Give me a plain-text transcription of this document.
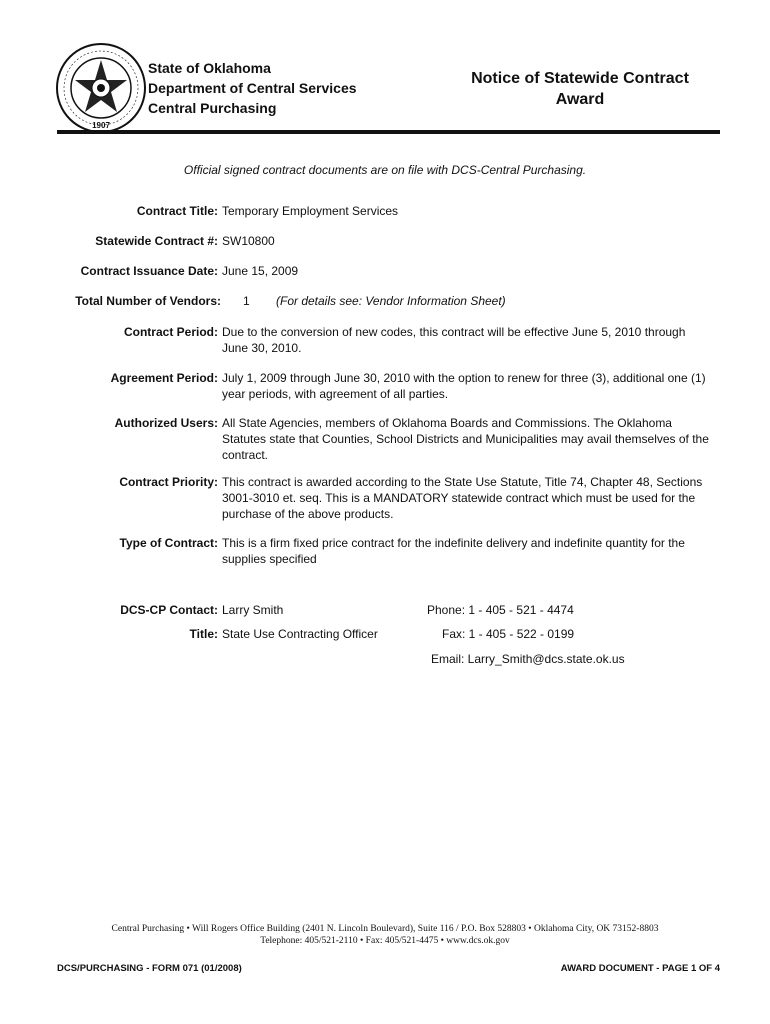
1907
State of Oklahoma
Department of Central Services
Central Purchasing
Notice of Statewide Contract
Award
Official signed contract documents are on file with DCS-Central Purchasing.
Contract Title: Temporary Employment Services
Statewide Contract #: SW10800
Contract Issuance Date: June 15, 2009
Total Number of Vendors: 1 (For details see: Vendor Information Sheet)
Contract Period: Due to the conversion of new codes, this contract will be effective June 5, 2010 through June 30, 2010.
Agreement Period: July 1, 2009 through June 30, 2010 with the option to renew for three (3), additional one (1) year periods, with agreement of all parties.
Authorized Users: All State Agencies, members of Oklahoma Boards and Commissions. The Oklahoma Statutes state that Counties, School Districts and Municipalities may avail themselves of the contract.
Contract Priority: This contract is awarded according to the State Use Statute, Title 74, Chapter 48, Sections 3001-3010 et. seq. This is a MANDATORY statewide contract which must be used for the purchase of the above products.
Type of Contract: This is a firm fixed price contract for the indefinite delivery and indefinite quantity for the supplies specified
DCS-CP Contact: Larry Smith	Phone: 1 - 405 - 521 - 4474
Title: State Use Contracting Officer	Fax: 1 - 405 - 522 - 0199
Email: Larry_Smith@dcs.state.ok.us
Central Purchasing • Will Rogers Office Building (2401 N. Lincoln Boulevard), Suite 116 / P.O. Box 528803 • Oklahoma City, OK 73152-8803
Telephone: 405/521-2110 • Fax: 405/521-4475 • www.dcs.ok.gov
DCS/PURCHASING - FORM 071 (01/2008)	AWARD DOCUMENT - PAGE 1 OF 4
